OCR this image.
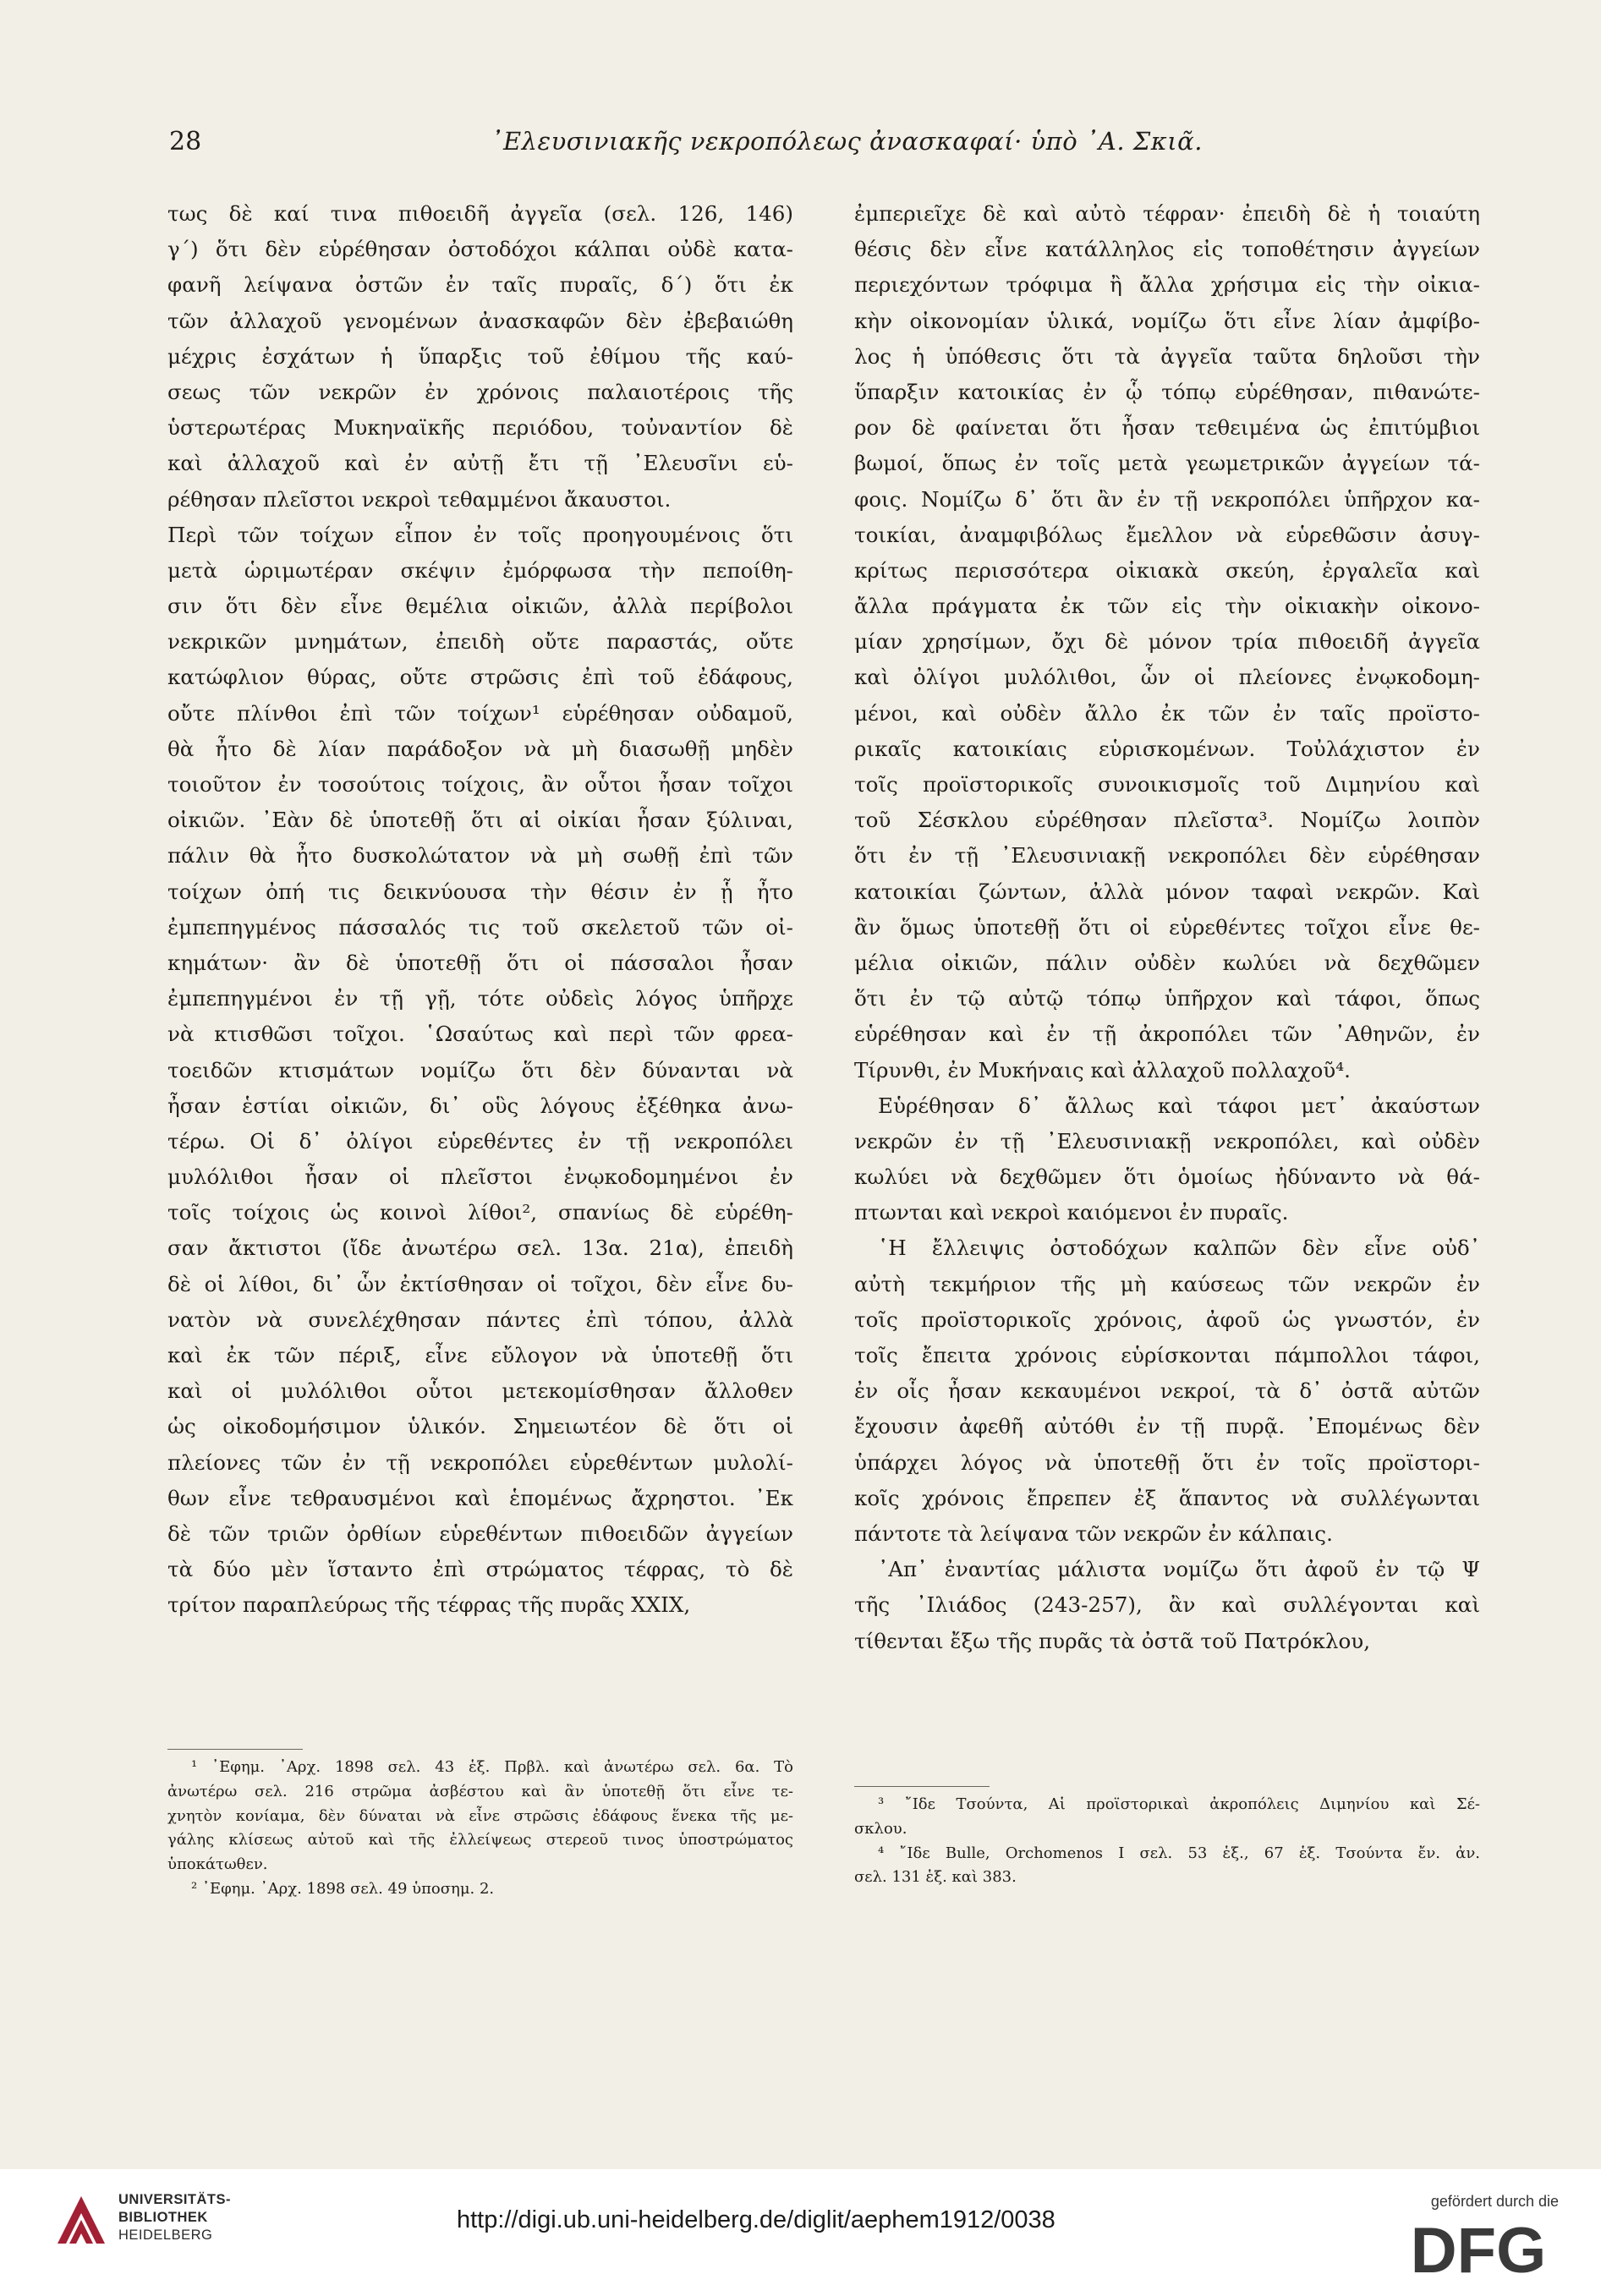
28	᾿Ελευσινιακῆς νεκροπόλεως ἀνασκαφαί· ὑπὸ ᾿Α. Σκιᾶ.
τως δὲ καί τινα πιθοειδῆ ἀγγεῖα (σελ. 126, 146)
γ΄) ὅτι δὲν εὑρέθησαν ὀστοδόχοι κάλπαι οὐδὲ κατα-
φανῆ λείψανα ὀστῶν ἐν ταῖς πυραῖς, δ΄) ὅτι ἐκ
τῶν ἀλλαχοῦ γενομένων ἀνασκαφῶν δὲν ἐβεβαιώθη
μέχρις ἐσχάτων ἡ ὕπαρξις τοῦ ἐθίμου τῆς καύ-
σεως τῶν νεκρῶν ἐν χρόνοις παλαιοτέροις τῆς
ὑστερωτέρας Μυκηναϊκῆς περιόδου, τοὐναντίον δὲ
καὶ ἀλλαχοῦ καὶ ἐν αὐτῇ ἔτι τῇ ᾿Ελευσῖνι εὑ-
ρέθησαν πλεῖστοι νεκροὶ τεθαμμένοι ἄκαυστοι.
Περὶ τῶν τοίχων εἶπον ἐν τοῖς προηγουμένοις ὅτι
μετὰ ὡριμωτέραν σκέψιν ἐμόρφωσα τὴν πεποίθη-
σιν ὅτι δὲν εἶνε θεμέλια οἰκιῶν, ἀλλὰ περίβολοι
νεκρικῶν μνημάτων, ἐπειδὴ οὔτε παραστάς, οὔτε
κατώφλιον θύρας, οὔτε στρῶσις ἐπὶ τοῦ ἐδάφους,
οὔτε πλίνθοι ἐπὶ τῶν τοίχων¹ εὑρέθησαν οὐδαμοῦ,
θὰ ἦτο δὲ λίαν παράδοξον νὰ μὴ διασωθῇ μηδὲν
τοιοῦτον ἐν τοσούτοις τοίχοις, ἂν οὗτοι ἦσαν τοῖχοι
οἰκιῶν. ᾿Εὰν δὲ ὑποτεθῇ ὅτι αἱ οἰκίαι ἦσαν ξύλιναι,
πάλιν θὰ ἦτο δυσκολώτατον νὰ μὴ σωθῇ ἐπὶ τῶν
τοίχων ὀπή τις δεικνύουσα τὴν θέσιν ἐν ᾗ ἦτο
ἐμπεπηγμένος πάσσαλός τις τοῦ σκελετοῦ τῶν οἰ-
κημάτων· ἂν δὲ ὑποτεθῇ ὅτι οἱ πάσσαλοι ἦσαν
ἐμπεπηγμένοι ἐν τῇ γῇ, τότε οὐδεὶς λόγος ὑπῆρχε
νὰ κτισθῶσι τοῖχοι. ῾Ωσαύτως καὶ περὶ τῶν φρεα-
τοειδῶν κτισμάτων νομίζω ὅτι δὲν δύνανται νὰ
ἦσαν ἑστίαι οἰκιῶν, δι᾿ οὓς λόγους ἐξέθηκα ἀνω-
τέρω. Οἱ δ᾿ ὀλίγοι εὑρεθέντες ἐν τῇ νεκροπόλει
μυλόλιθοι ἦσαν οἱ πλεῖστοι ἐνῳκοδομημένοι ἐν
τοῖς τοίχοις ὡς κοινοὶ λίθοι², σπανίως δὲ εὑρέθη-
σαν ἄκτιστοι (ἴδε ἀνωτέρω σελ. 13α. 21α), ἐπειδὴ
δὲ οἱ λίθοι, δι᾿ ὧν ἐκτίσθησαν οἱ τοῖχοι, δὲν εἶνε δυ-
νατὸν νὰ συνελέχθησαν πάντες ἐπὶ τόπου, ἀλλὰ
καὶ ἐκ τῶν πέριξ, εἶνε εὔλογον νὰ ὑποτεθῇ ὅτι
καὶ οἱ μυλόλιθοι οὗτοι μετεκομίσθησαν ἄλλοθεν
ὡς οἰκοδομήσιμον ὑλικόν. Σημειωτέον δὲ ὅτι οἱ
πλείονες τῶν ἐν τῇ νεκροπόλει εὑρεθέντων μυλολί-
θων εἶνε τεθραυσμένοι καὶ ἑπομένως ἄχρηστοι. ᾿Εκ
δὲ τῶν τριῶν ὀρθίων εὑρεθέντων πιθοειδῶν ἀγγείων
τὰ δύο μὲν ἵσταντο ἐπὶ στρώματος τέφρας, τὸ δὲ
τρίτον παραπλεύρως τῆς τέφρας τῆς πυρᾶς XXIX,
ἐμπεριεῖχε δὲ καὶ αὐτὸ τέφραν· ἐπειδὴ δὲ ἡ τοιαύτη
θέσις δὲν εἶνε κατάλληλος εἰς τοποθέτησιν ἀγγείων
περιεχόντων τρόφιμα ἢ ἄλλα χρήσιμα εἰς τὴν οἰκια-
κὴν οἰκονομίαν ὑλικά, νομίζω ὅτι εἶνε λίαν ἀμφίβο-
λος ἡ ὑπόθεσις ὅτι τὰ ἀγγεῖα ταῦτα δηλοῦσι τὴν
ὕπαρξιν κατοικίας ἐν ᾧ τόπῳ εὑρέθησαν, πιθανώτε-
ρον δὲ φαίνεται ὅτι ἦσαν τεθειμένα ὡς ἐπιτύμβιοι
βωμοί, ὅπως ἐν τοῖς μετὰ γεωμετρικῶν ἀγγείων τά-
φοις. Νομίζω δ᾿ ὅτι ἂν ἐν τῇ νεκροπόλει ὑπῆρχον κα-
τοικίαι, ἀναμφιβόλως ἔμελλον νὰ εὑρεθῶσιν ἀσυγ-
κρίτως περισσότερα οἰκιακὰ σκεύη, ἐργαλεῖα καὶ
ἄλλα πράγματα ἐκ τῶν εἰς τὴν οἰκιακὴν οἰκονο-
μίαν χρησίμων, ὄχι δὲ μόνον τρία πιθοειδῆ ἀγγεῖα
καὶ ὀλίγοι μυλόλιθοι, ὧν οἱ πλείονες ἐνῳκοδομη-
μένοι, καὶ οὐδὲν ἄλλο ἐκ τῶν ἐν ταῖς προϊστο-
ρικαῖς κατοικίαις εὑρισκομένων. Τοὐλάχιστον ἐν
τοῖς προϊστορικοῖς συνοικισμοῖς τοῦ Διμηνίου καὶ
τοῦ Σέσκλου εὑρέθησαν πλεῖστα³. Νομίζω λοιπὸν
ὅτι ἐν τῇ ᾿Ελευσινιακῇ νεκροπόλει δὲν εὑρέθησαν
κατοικίαι ζώντων, ἀλλὰ μόνον ταφαὶ νεκρῶν. Καὶ
ἂν ὅμως ὑποτεθῇ ὅτι οἱ εὑρεθέντες τοῖχοι εἶνε θε-
μέλια οἰκιῶν, πάλιν οὐδὲν κωλύει νὰ δεχθῶμεν
ὅτι ἐν τῷ αὐτῷ τόπῳ ὑπῆρχον καὶ τάφοι, ὅπως
εὑρέθησαν καὶ ἐν τῇ ἀκροπόλει τῶν ᾿Αθηνῶν, ἐν
Τίρυνθι, ἐν Μυκήναις καὶ ἀλλαχοῦ πολλαχοῦ⁴.
Εὑρέθησαν δ᾿ ἄλλως καὶ τάφοι μετ᾿ ἀκαύστων
νεκρῶν ἐν τῇ ᾿Ελευσινιακῇ νεκροπόλει, καὶ οὐδὲν
κωλύει νὰ δεχθῶμεν ὅτι ὁμοίως ἠδύναντο νὰ θά-
πτωνται καὶ νεκροὶ καιόμενοι ἐν πυραῖς.
῾Η ἔλλειψις ὀστοδόχων καλπῶν δὲν εἶνε οὐδ᾿
αὐτὴ τεκμήριον τῆς μὴ καύσεως τῶν νεκρῶν ἐν
τοῖς προϊστορικοῖς χρόνοις, ἀφοῦ ὡς γνωστόν, ἐν
τοῖς ἔπειτα χρόνοις εὑρίσκονται πάμπολλοι τάφοι,
ἐν οἷς ἦσαν κεκαυμένοι νεκροί, τὰ δ᾿ ὀστᾶ αὐτῶν
ἔχουσιν ἀφεθῆ αὐτόθι ἐν τῇ πυρᾷ. ᾿Επομένως δὲν
ὑπάρχει λόγος νὰ ὑποτεθῇ ὅτι ἐν τοῖς προϊστορι-
κοῖς χρόνοις ἔπρεπεν ἐξ ἅπαντος νὰ συλλέγωνται
πάντοτε τὰ λείψανα τῶν νεκρῶν ἐν κάλπαις.
᾿Απ᾿ ἐναντίας μάλιστα νομίζω ὅτι ἀφοῦ ἐν τῷ Ψ
τῆς ᾿Ιλιάδος (243-257), ἂν καὶ συλλέγονται καὶ
τίθενται ἔξω τῆς πυρᾶς τὰ ὀστᾶ τοῦ Πατρόκλου,
¹ ᾿Εφημ. ᾿Αρχ. 1898 σελ. 43 ἑξ. Πρβλ. καὶ ἀνωτέρω σελ. 6α. Τὸ
ἀνωτέρω σελ. 216 στρῶμα ἀσβέστου καὶ ἂν ὑποτεθῇ ὅτι εἶνε τε-
χνητὸν κονίαμα, δὲν δύναται νὰ εἶνε στρῶσις ἐδάφους ἕνεκα τῆς με-
γάλης κλίσεως αὐτοῦ καὶ τῆς ἐλλείψεως στερεοῦ τινος ὑποστρώματος
ὑποκάτωθεν.
² ᾿Εφημ. ᾿Αρχ. 1898 σελ. 49 ὑποσημ. 2.
³ ῎Ιδε Τσούντα, Αἱ προϊστορικαὶ ἀκροπόλεις Διμηνίου καὶ Σέ-
σκλου.
⁴ ῎Ιδε Bulle, Orchomenos I σελ. 53 ἑξ., 67 ἑξ. Τσούντα ἔν. ἀν.
σελ. 131 ἑξ. καὶ 383.
UNIVERSITÄTS-
BIBLIOTHEK
HEIDELBERG
http://digi.ub.uni-heidelberg.de/diglit/aephem1912/0038
gefördert durch die
DFG
